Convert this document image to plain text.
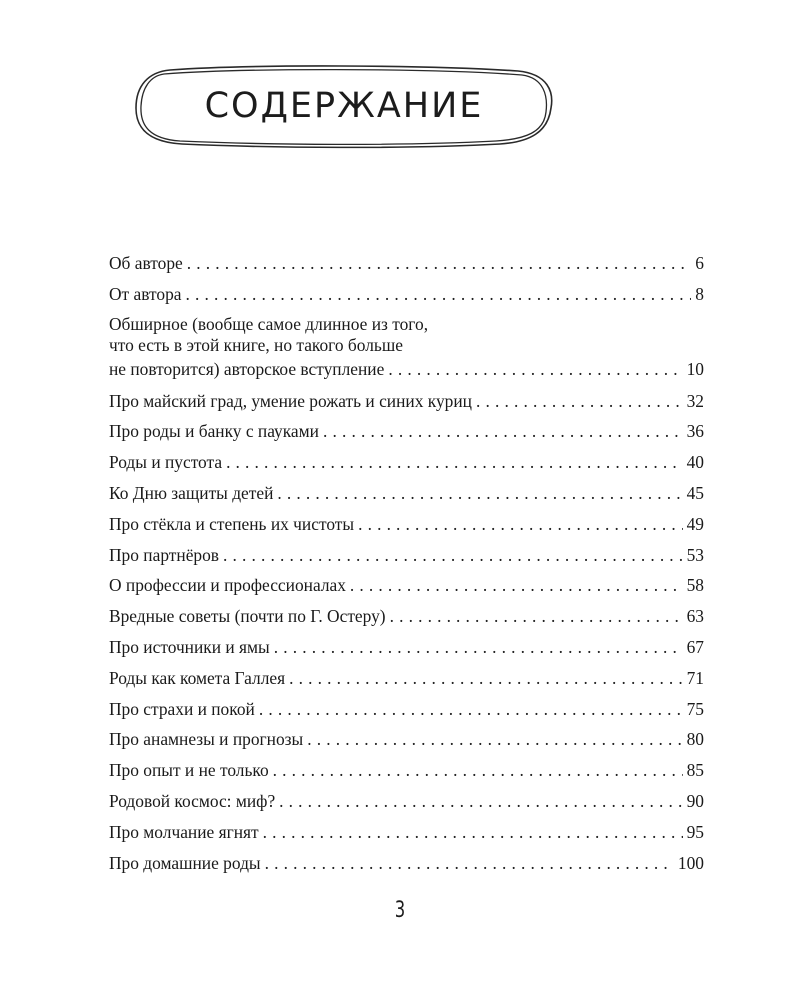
СОДЕРЖАНИЕ
Об авторе . . .	6
От автора . . .	8
Обширное (вообще самое длинное из того,
что есть в этой книге, но такого больше
не повторится) авторское вступление . . .	10
Про майский град, умение рожать и синих куриц . . .	32
Про роды и банку с пауками . . .	36
Роды и пустота . . .	40
Ко Дню защиты детей . . .	45
Про стёкла и степень их чистоты . . .	49
Про партнёров . . .	53
О профессии и профессионалах . . .	58
Вредные советы (почти по Г. Остеру) . . .	63
Про источники и ямы . . .	67
Роды как комета Галлея . . .	71
Про страхи и покой . . .	75
Про анамнезы и прогнозы . . .	80
Про опыт и не только . . .	85
Родовой космос: миф? . . .	90
Про молчание ягнят . . .	95
Про домашние роды . . .	100
3
